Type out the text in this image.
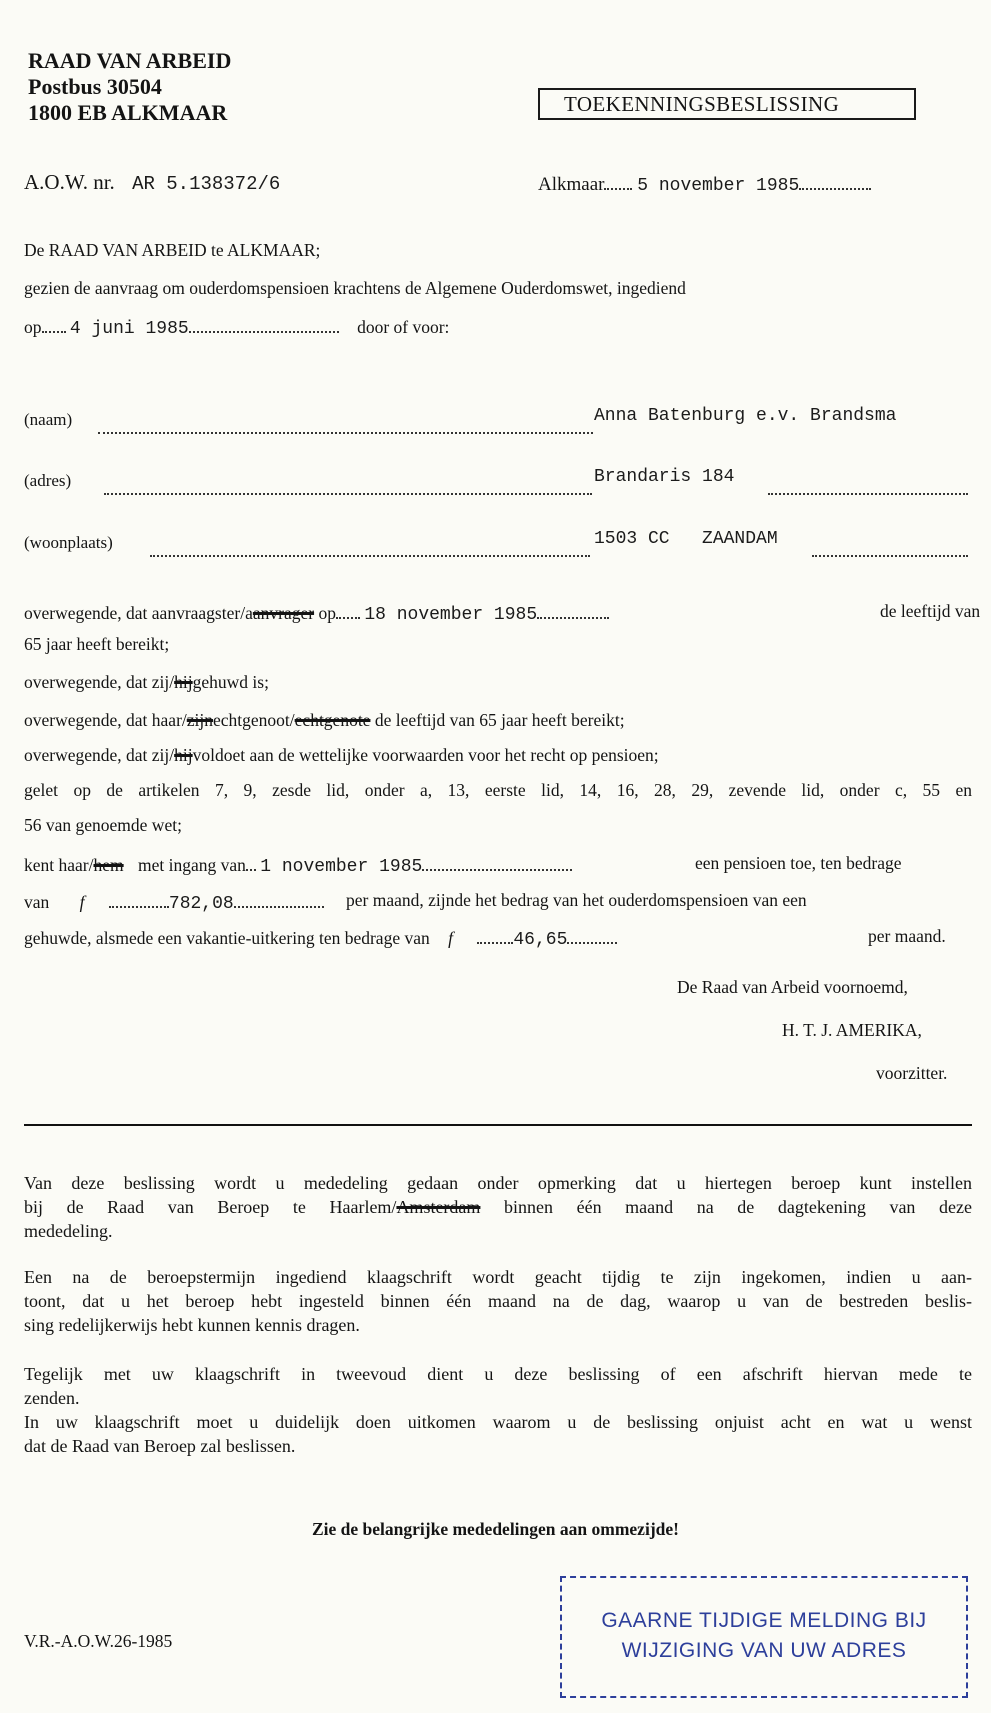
RAAD VAN ARBEID
Postbus 30504
1800 EB ALKMAAR	TOEKENNINGSBESLISSING
A.O.W. nr. AR 5.138372/6	Alkmaar 5 november 1985
De RAAD VAN ARBEID te ALKMAAR;
gezien de aanvraag om ouderdomspensioen krachtens de Algemene Ouderdomswet, ingediend
op 4 juni 1985	door of voor:
(naam)	Anna Batenburg e.v. Brandsma
(adres)	Brandaris 184
(woonplaats)	1503 CC   ZAANDAM
overwegende, dat aanvraagster/aanvrager op 18 november 1985	de leeftijd van
65 jaar heeft bereikt;
overwegende, dat zij/hijgehuwd is;
overwegende, dat haar/zijnechtgenoot/echtgenote de leeftijd van 65 jaar heeft bereikt;
overwegende, dat zij/hijvoldoet aan de wettelijke voorwaarden voor het recht op pensioen;
gelet op de artikelen 7, 9, zesde lid, onder a, 13, eerste lid, 14, 16, 28, 29, zevende lid, onder c, 55 en
56 van genoemde wet;
kent haar/hem met ingang van 1 november 1985	een pensioen toe, ten bedrage
van f	782,08	per maand, zijnde het bedrag van het ouderdomspensioen van een
gehuwde, alsmede een vakantie-uitkering ten bedrage van f	46,65	per maand.
De Raad van Arbeid voornoemd,
H. T. J. AMERIKA,
voorzitter.
Van deze beslissing wordt u mededeling gedaan onder opmerking dat u hiertegen beroep kunt instellen
bij de Raad van Beroep te Haarlem/Amsterdam binnen één maand na de dagtekening van deze
mededeling.
Een na de beroepstermijn ingediend klaagschrift wordt geacht tijdig te zijn ingekomen, indien u aan-
toont, dat u het beroep hebt ingesteld binnen één maand na de dag, waarop u van de bestreden beslis-
sing redelijkerwijs hebt kunnen kennis dragen.
Tegelijk met uw klaagschrift in tweevoud dient u deze beslissing of een afschrift hiervan mede te
zenden.
In uw klaagschrift moet u duidelijk doen uitkomen waarom u de beslissing onjuist acht en wat u wenst
dat de Raad van Beroep zal beslissen.
Zie de belangrijke mededelingen aan ommezijde!
V.R.-A.O.W.26-1985
GAARNE TIJDIGE MELDING BIJ
WIJZIGING VAN UW ADRES
